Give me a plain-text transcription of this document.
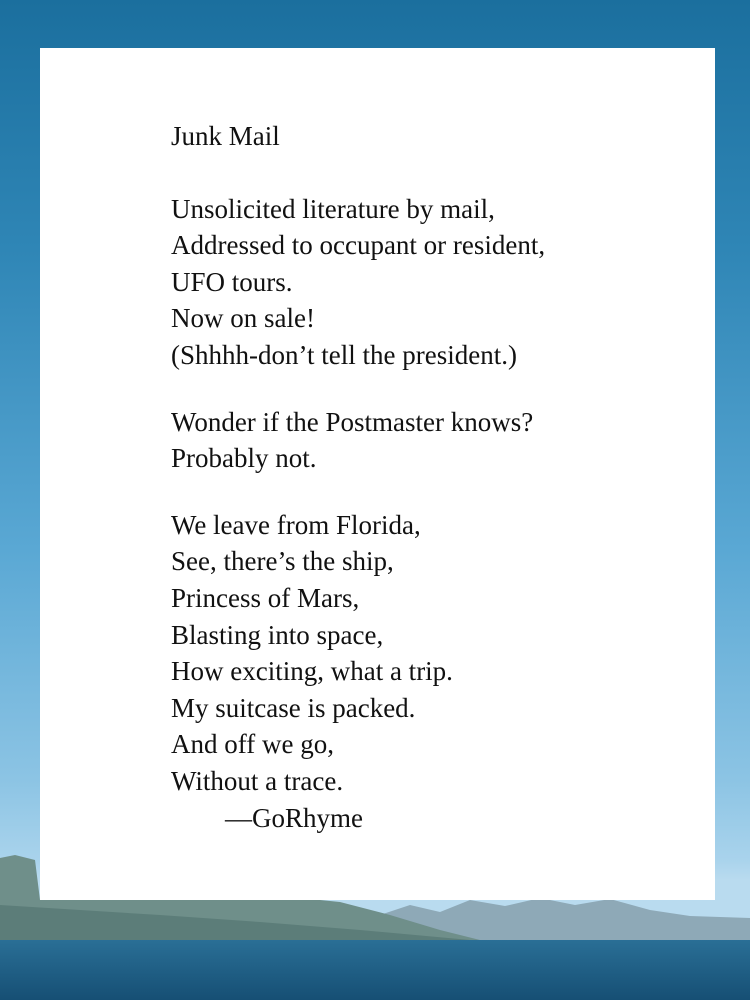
Junk Mail
Unsolicited literature by mail,
Addressed to occupant or resident,
UFO tours.
Now on sale!
(Shhhh-don’t tell the president.)
Wonder if the Postmaster knows?
Probably not.
We leave from Florida,
See, there’s the ship,
Princess of Mars,
Blasting into space,
How exciting, what a trip.
My suitcase is packed.
And off we go,
Without a trace.
—GoRhyme
